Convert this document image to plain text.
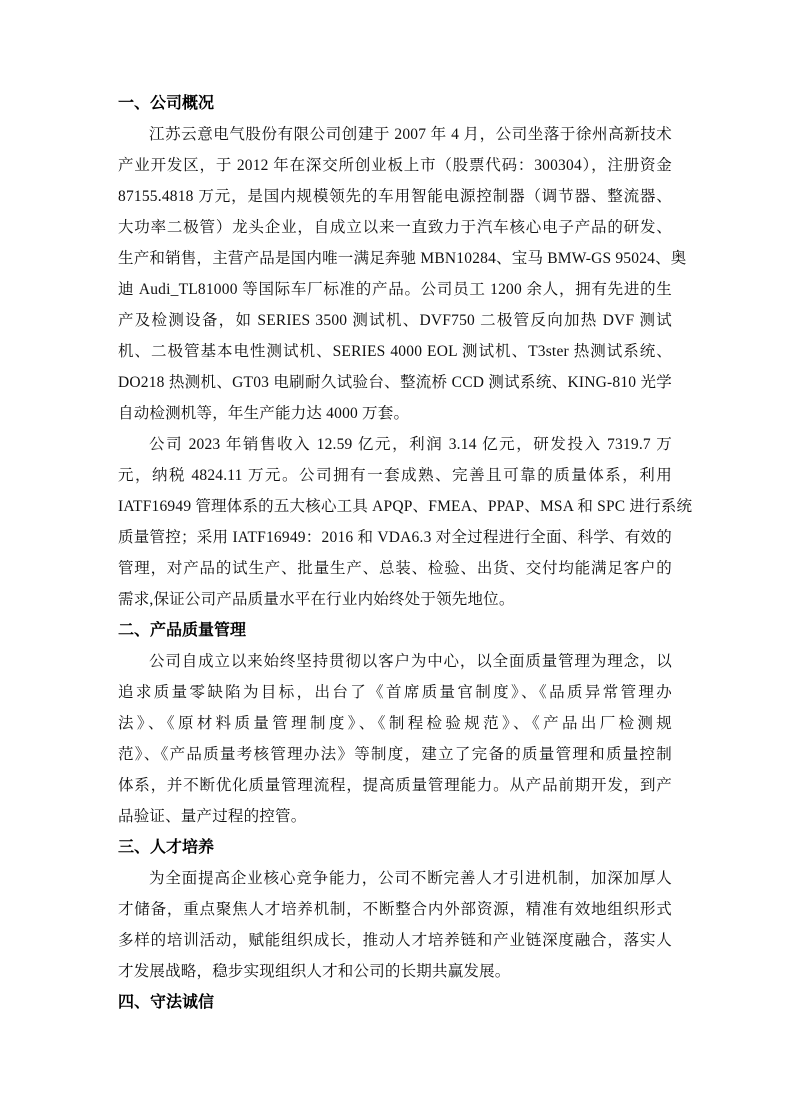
一、公司概况
江苏云意电气股份有限公司创建于 2007 年 4 月，公司坐落于徐州高新技术
产业开发区，于 2012 年在深交所创业板上市（股票代码：300304），注册资金
87155.4818 万元，是国内规模领先的车用智能电源控制器（调节器、整流器、
大功率二极管）龙头企业，自成立以来一直致力于汽车核心电子产品的研发、
生产和销售，主营产品是国内唯一满足奔驰 MBN10284、宝马 BMW-GS 95024、奥
迪 Audi_TL81000 等国际车厂标准的产品。公司员工 1200 余人，拥有先进的生
产及检测设备，如 SERIES 3500 测试机、DVF750 二极管反向加热 DVF 测试
机、二极管基本电性测试机、SERIES 4000 EOL 测试机、T3ster 热测试系统、
DO218 热测机、GT03 电刷耐久试验台、整流桥 CCD 测试系统、KING-810 光学
自动检测机等，年生产能力达 4000 万套。
公司 2023 年销售收入 12.59 亿元，利润 3.14 亿元，研发投入 7319.7 万
元，纳税 4824.11 万元。公司拥有一套成熟、完善且可靠的质量体系，利用
IATF16949 管理体系的五大核心工具 APQP、FMEA、PPAP、MSA 和 SPC 进行系统
质量管控；采用 IATF16949：2016 和 VDA6.3 对全过程进行全面、科学、有效的
管理，对产品的试生产、批量生产、总装、检验、出货、交付均能满足客户的
需求,保证公司产品质量水平在行业内始终处于领先地位。
二、产品质量管理
公司自成立以来始终坚持贯彻以客户为中心，以全面质量管理为理念，以
追求质量零缺陷为目标，出台了《首席质量官制度》、《品质异常管理办
法》、《原材料质量管理制度》、《制程检验规范》、《产品出厂检测规
范》、《产品质量考核管理办法》等制度，建立了完备的质量管理和质量控制
体系，并不断优化质量管理流程，提高质量管理能力。从产品前期开发，到产
品验证、量产过程的控管。
三、人才培养
为全面提高企业核心竞争能力，公司不断完善人才引进机制，加深加厚人
才储备，重点聚焦人才培养机制，不断整合内外部资源，精准有效地组织形式
多样的培训活动，赋能组织成长，推动人才培养链和产业链深度融合，落实人
才发展战略，稳步实现组织人才和公司的长期共赢发展。
四、守法诚信
